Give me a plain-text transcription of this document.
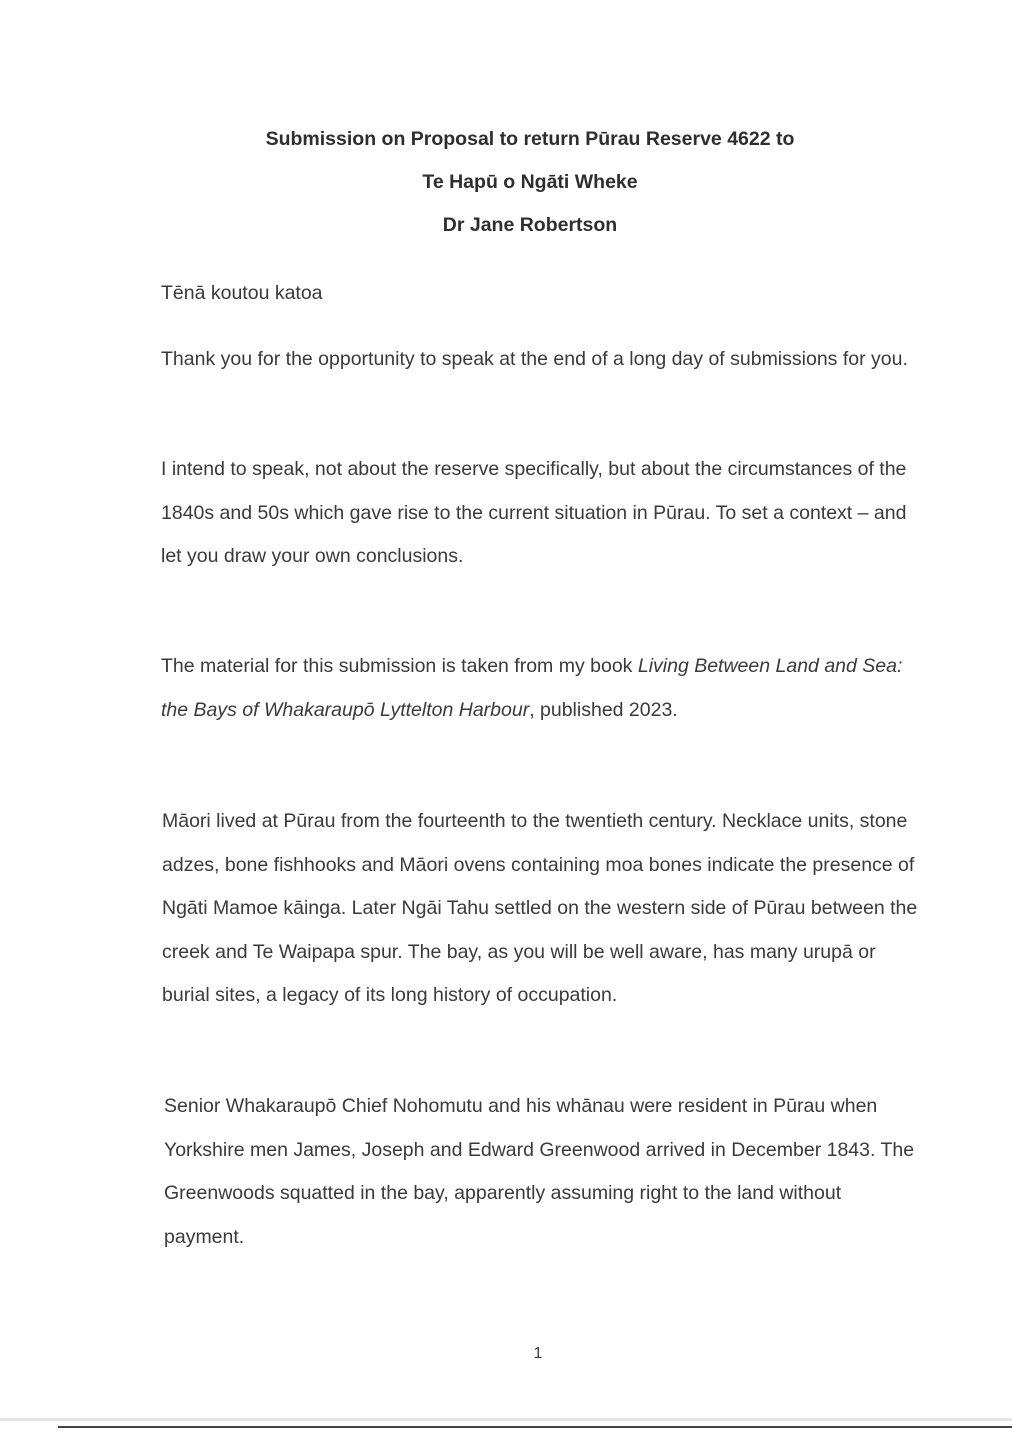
Submission on Proposal to return Pūrau Reserve 4622 to
Te Hapū o Ngāti Wheke
Dr Jane Robertson
Tēnā koutou katoa
Thank you for the opportunity to speak at the end of a long day of submissions for you.
I intend to speak, not about the reserve specifically, but about the circumstances of the 1840s and 50s which gave rise to the current situation in Pūrau. To set a context – and let you draw your own conclusions.
The material for this submission is taken from my book Living Between Land and Sea: the Bays of Whakaraupō Lyttelton Harbour, published 2023.
Māori lived at Pūrau from the fourteenth to the twentieth century. Necklace units, stone adzes, bone fishhooks and Māori ovens containing moa bones indicate the presence of Ngāti Mamoe kāinga. Later Ngāi Tahu settled on the western side of Pūrau between the creek and Te Waipapa spur. The bay, as you will be well aware, has many urupā or burial sites, a legacy of its long history of occupation.
Senior Whakaraupō Chief Nohomutu and his whānau were resident in Pūrau when Yorkshire men James, Joseph and Edward Greenwood arrived in December 1843. The Greenwoods squatted in the bay, apparently assuming right to the land without payment.
1
